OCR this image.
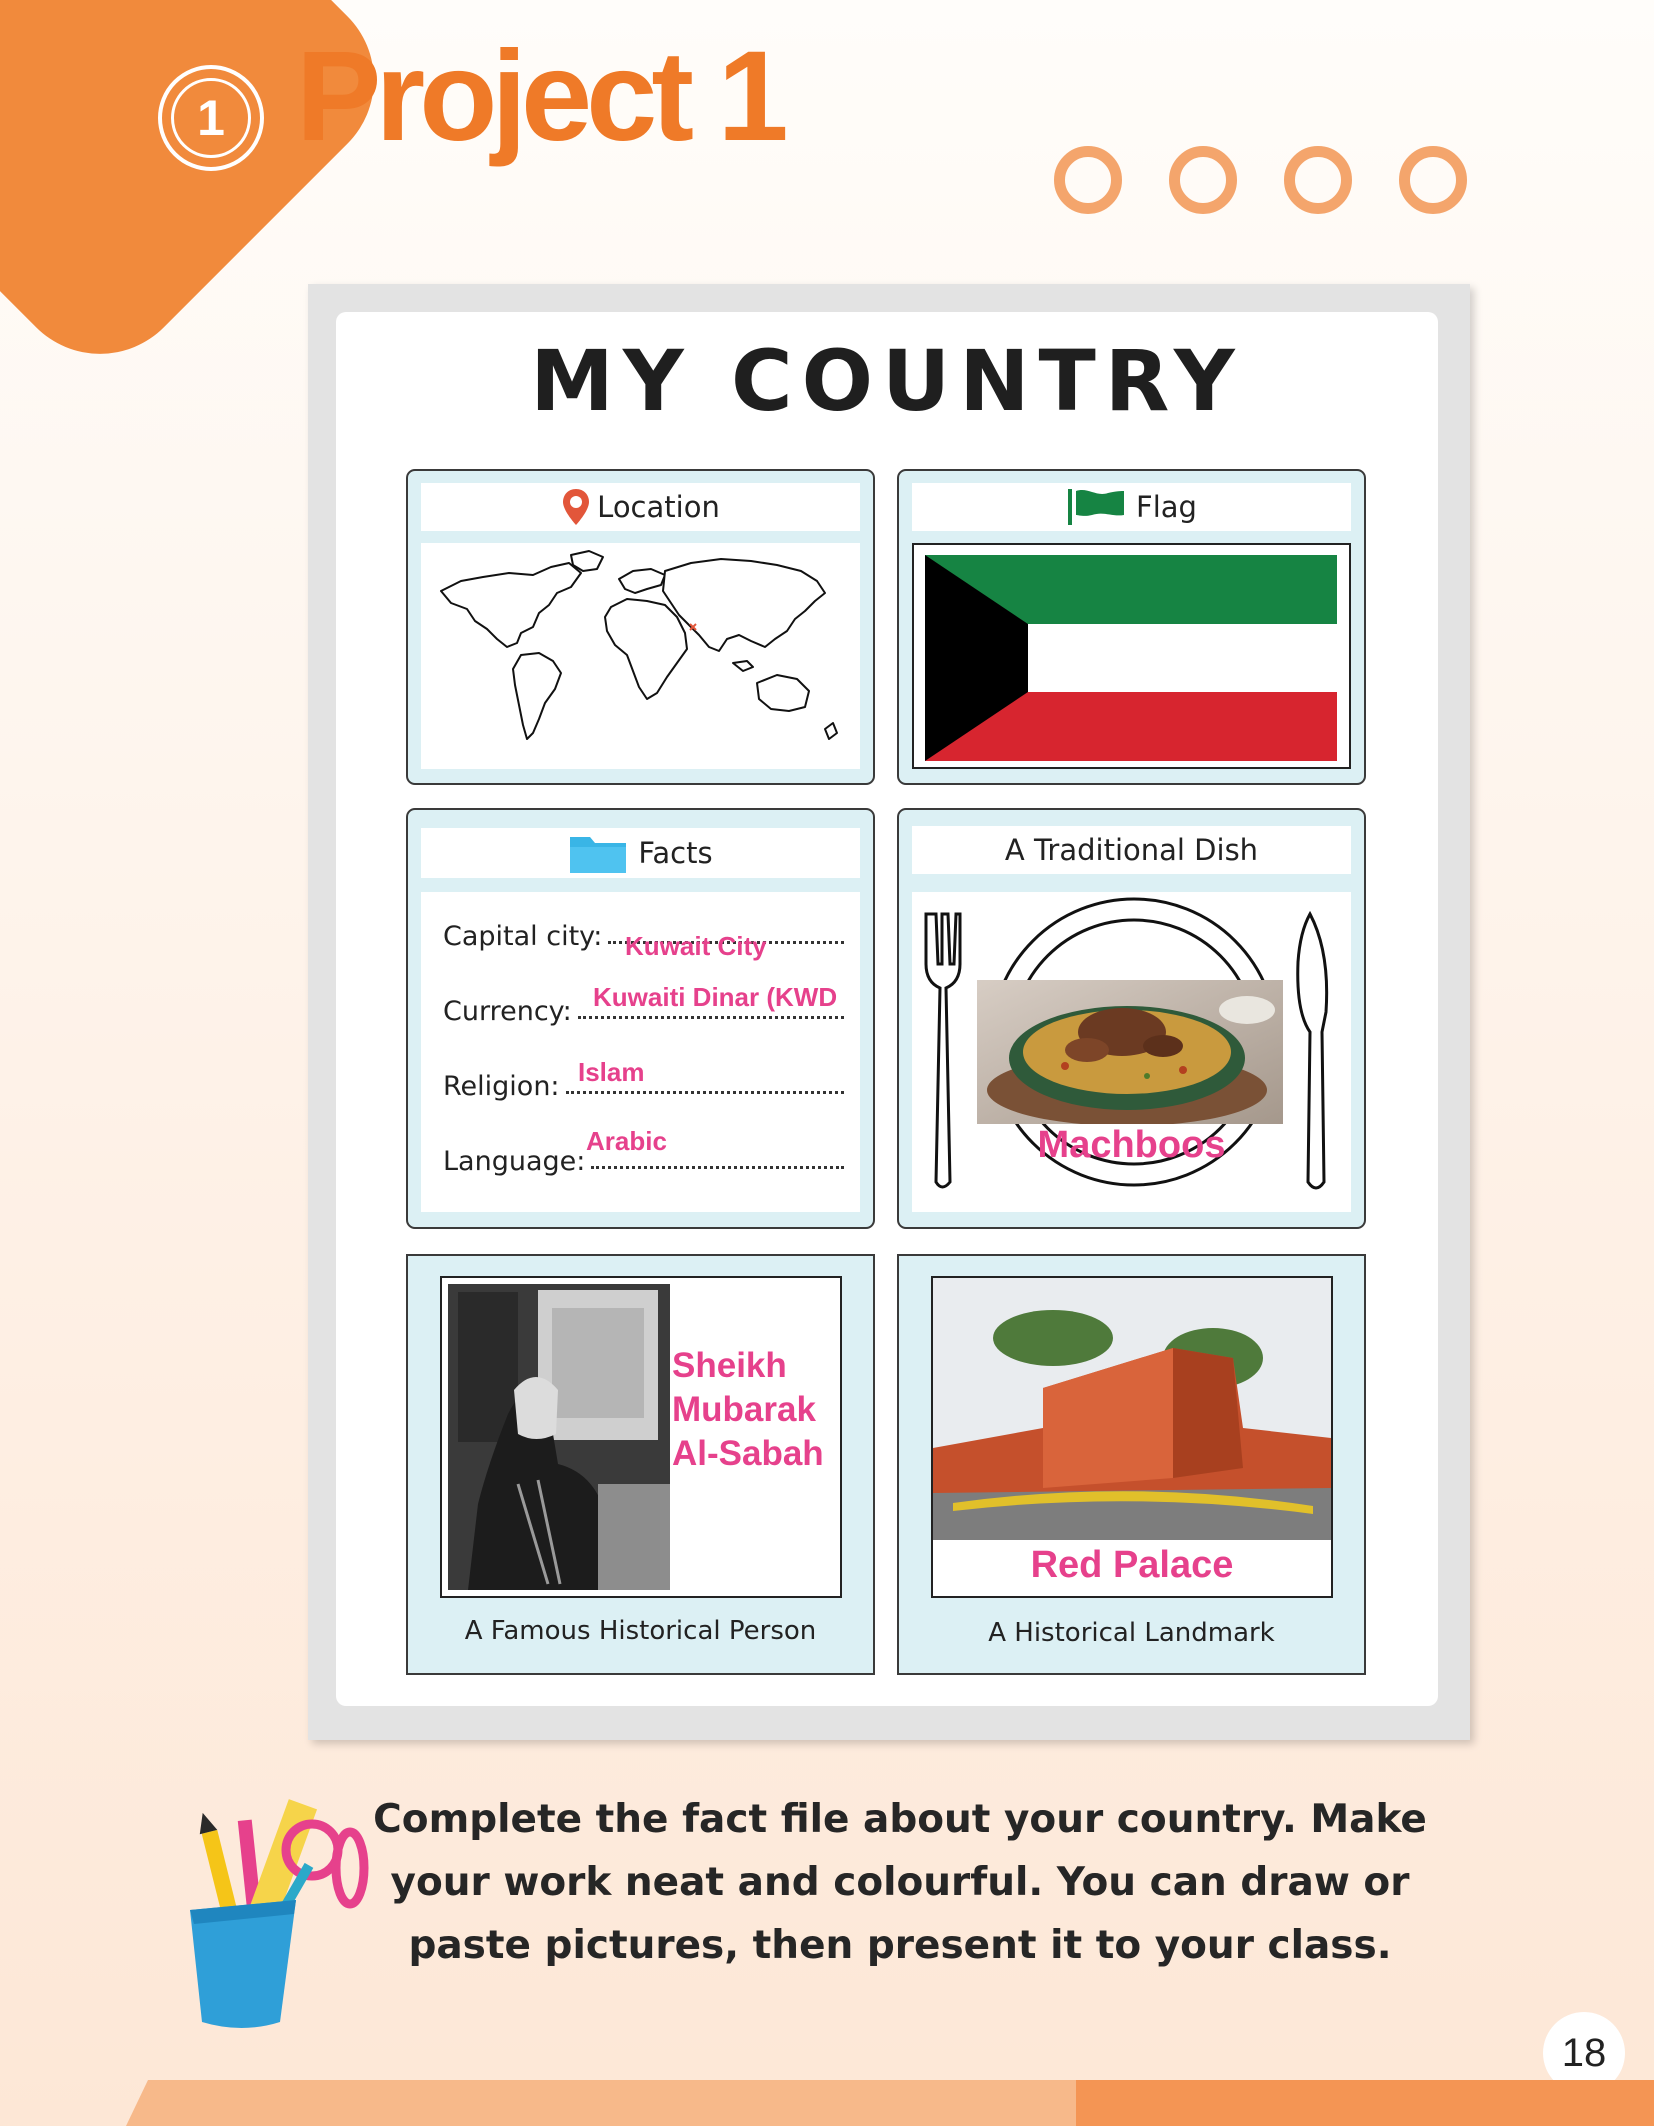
1 Project 1
MY COUNTRY
Location	Flag
Facts
Capital city: Kuwait City
Currency: Kuwaiti Dinar (KWD
Religion: Islam
Language:
Arabic
A Traditional Dish
Machboos
Sheikh
Mubarak
Al-Sabah
A Famous Historical Person
Red Palace
A Historical Landmark
Complete the fact file about your country. Make
your work neat and colourful. You can draw or
paste pictures, then present it to your class.
18
